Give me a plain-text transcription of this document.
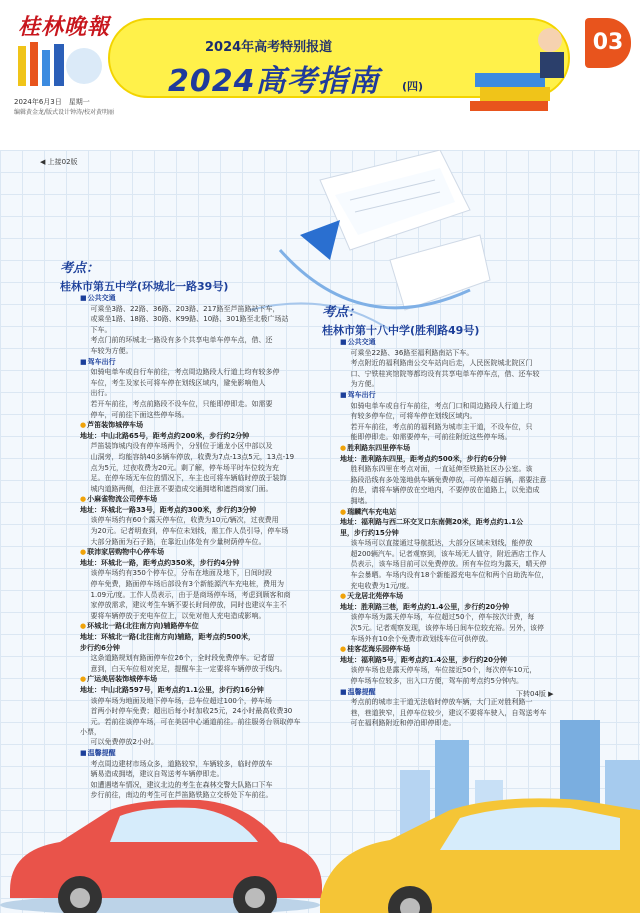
桂林晚報
2024年6月3日　星期一
编辑黄金龙/版式设计钟涛/校对黄明丽
2024年高考特别报道
2024高考指南 (四)
03
◀ 上接02版
考点：
桂林市第五中学(环城北一路39号)
■ 公共交通

可乘坐3路、22路、36路、203路、217路至芦笛路站下车，

或乘坐1路、18路、30路、K99路、10路、301路至北极广场站

下车。

考点门前的环城北一路设有多个共享电单车停车点，借、还

车较为方便。

■ 驾车出行

如骑电单车或自行车前往，考点周边路段人行道上均有较多停

车位，考生及家长可将车停在划线区域内，避免影响他人

出行。

若开车前往，考点前路段不设车位，只能即停即走。如需要

停车，可前往下面这些停车场。

● 芦笛装饰城停车场
地址：中山北路65号，距考点约200米，步行约2分钟

芦笛装饰城内设有停车场两个，分别位于通龙小区中部以及

山洞旁，均能容纳40多辆车停放，收费为7点-13点5元，13点-19

点为5元，过夜收费为20元。剩了解，停车场平时车位较为充

足。在停车场无车位的情况下，车主也可将车辆临时停放于装饰

城内道路两侧，但注意不要造成交通拥堵和遮挡商家门面。

● 小麻雀物流公司停车场
地址：环城北一路33号，距考点约300米，步行约3分钟

该停车场约有60个露天停车位，收费为10元/辆次，过夜费用

为20元。记者明查到，停车位未划线，需工作人员引导，停车场

大部分路面为石子路，在靠近山体处有少量树荫停车位。

● 联沛家居购物中心停车场
地址：环城北一路，距考点约350米，步行约4分钟

该停车场约有350个停车位，分布在地面及地下，日间时段

停车免费，路面停车场后部设有3个新能源汽车充电桩，费用为

1.09元/度。工作人员表示，由于是商场停车场，考虑到顾客和商

家停放需求，建议考生车辆不要长时间停放，同时也建议车主不

要将车辆停放于充电车位上，以免对他人充电造成影响。

● 环城北一路(北往南方向)辅路停车位
地址：环城北一路(北往南方向)辅路，距考点约500米，
步行约6分钟

这条道路规划有路面停车位26个，全时段免费停车。记者留

意到，白天车位相对充足，提醒车主一定要将车辆停放于线内。

● 广运美居装饰城停车场
地址：中山北路597号，距考点约1.1公里，步行约16分钟

该停车场为地面及地下停车场，总车位超过100个，停车场

首两小时停车免费；超出后每小时加收25元，24小时最高收费30

元。若前往该停车场，可在美居中心通道前往。前往服务台领取停车小票，

可以免费停放2小时。

■ 温馨提醒

考点周边建材市场众多，道路较窄，车辆较多，临时停放车

辆易造成拥堵，建议自驾送考车辆停即走。

如遭遇堵车情况，建议北边的考生在森林交警大队路口下车

步行前往，南边的考生可在芦笛路铁路立交桥处下车前往。

考点：
桂林市第十八中学(胜利路49号)
■ 公共交通

可乘坐22路、36路至福利路南站下车。

考点附近的福利路南公交车站向后走，人民医院城北院区门

口、宁铁桂宾馆院等都均设有共享电单车停车点，借、还车较

为方便。

■ 驾车出行

如骑电单车或自行车前往，考点门口和周边路段人行道上均

有较多停车位，可将车停在划线区域内。

若开车前往，考点前的福利路为城市主干道，不设车位，只

能即停即走。如需要停车，可前往附近这些停车场。

● 胜利路东四里停车场
地址：胜利路东四里，距考点约500米，步行约6分钟

胜利路东四里在考点对面，一直延伸至铁路社区办公室。该

路段沿线有多处笼地供车辆免费停放，可停车超百辆，需要注意

的是，请将车辆停放在空地内，不要停放在道路上，以免造成

拥堵。

● 瑞麟汽车充电站
地址：福利路与西二环交叉口东南侧20米，距考点约1.1公
里，步行约15分钟

该车场可以直接通过导航抵达，大部分区域未划线，能停放

超200辆汽车。记者观察到，该车场无人值守，附近酒店工作人

员表示，该车场目前可以免费停放。所有车位均为露天，晴天停

车会暴晒。车场内设有18个新能源充电车位和两个自助洗车位，

充电收费为1元/度。

● 天龙居北苑停车场
地址：胜利路三巷，距考点约1.4公里，步行约20分钟

该停车场为露天停车场，车位超过50个，停车按次计费，每

次5元。记者观察发现，该停车场日间车位较充裕。另外，该停

车场外有10余个免费市政划线车位可供停放。

● 桂客花海乐园停车场
地址：福利路5号，距考点约1.4公里，步行约20分钟

该停车场也是露天停车场，车位接近50个，每次停车10元，

停车场车位较多，出入口方便，驾车前考点约5分钟内。

■ 温馨提醒

考点前的城市主干道无法临时停放车辆，大门正对胜利路一

巷，巷道狭窄，且停车位较少，建议不要将车驶入，自驾送考车

可在福利路附近和停泊即停即走。

下转04版 ▶
